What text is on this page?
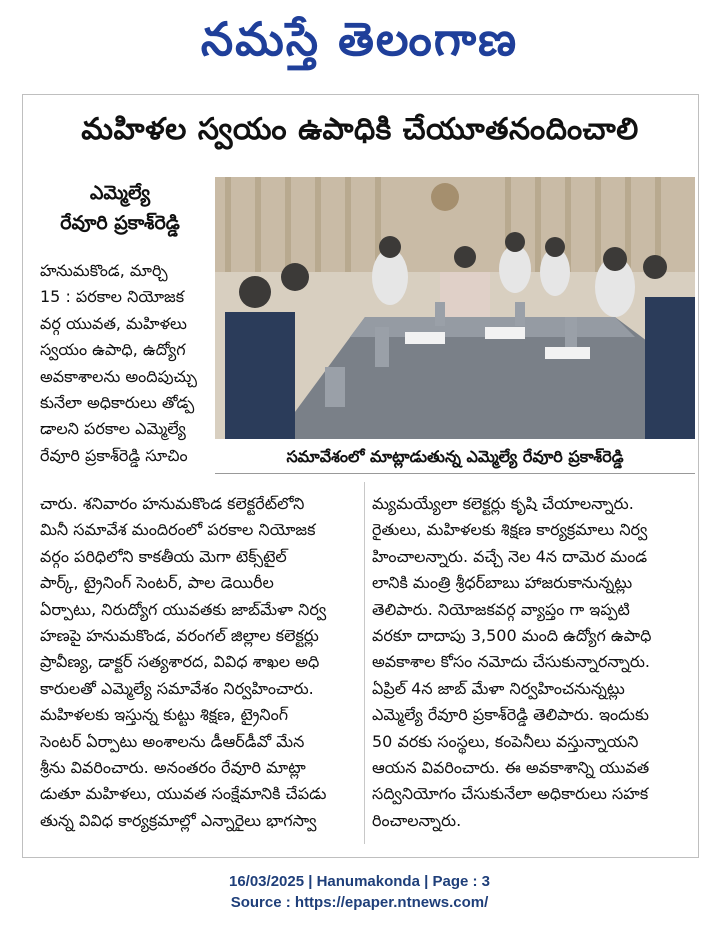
నమస్తే తెలంగాణ
మహిళల స్వయం ఉపాధికి చేయూతనందించాలి
ఎమ్మెల్యే
రేవూరి ప్రకాశ్‌రెడ్డి
సమావేశంలో మాట్లాడుతున్న ఎమ్మెల్యే రేవూరి ప్రకాశ్‌రెడ్డి
హనుమకొండ, మార్చి
15 : పరకాల నియోజక
వర్గ యువత, మహిళలు
స్వయం ఉపాధి, ఉద్యోగ
అవకాశాలను అందిపుచ్చు
కునేలా అధికారులు తోడ్ప
డాలని పరకాల ఎమ్మెల్యే
రేవూరి ప్రకాశ్‌రెడ్డి సూచిం
చారు. శనివారం హనుమకొండ కలెక్టరేట్‌లోని
మినీ సమావేశ మందిరంలో పరకాల నియోజక
వర్గం పరిధిలోని కాకతీయ మెగా టెక్స్‌టైల్
పార్క్, ట్రైనింగ్ సెంటర్, పాల డెయిరీల
ఏర్పాటు, నిరుద్యోగ యువతకు జాబ్‌మేళా నిర్వ
హణపై హనుమకొండ, వరంగల్ జిల్లాల కలెక్టర్లు
ప్రావీణ్య, డాక్టర్ సత్యశారద, వివిధ శాఖల అధి
కారులతో ఎమ్మెల్యే సమావేశం నిర్వహించారు.
మహిళలకు ఇస్తున్న కుట్టు శిక్షణ, ట్రైనింగ్
సెంటర్ ఏర్పాటు అంశాలను డీఆర్‌డీవో మేన
శ్రీను వివరించారు. అనంతరం రేవూరి మాట్లా
డుతూ మహిళలు, యువత సంక్షేమానికి చేపడు
తున్న వివిధ కార్యక్రమాల్లో ఎన్నారైలు భాగస్వా
మ్యమయ్యేలా కలెక్టర్లు కృషి చేయాలన్నారు.
రైతులు, మహిళలకు శిక్షణ కార్యక్రమాలు నిర్వ
హించాలన్నారు. వచ్చే నెల 4న దామెర మండ
లానికి మంత్రి శ్రీధర్‌బాబు హాజరుకానున్నట్లు
తెలిపారు. నియోజకవర్గ వ్యాప్తం గా ఇప్పటి
వరకూ దాదాపు 3,500 మంది ఉద్యోగ ఉపాధి
అవకాశాల కోసం నమోదు చేసుకున్నారన్నారు.
ఏప్రిల్ 4న జాబ్ మేళా నిర్వహించనున్నట్లు
ఎమ్మెల్యే రేవూరి ప్రకాశ్‌రెడ్డి తెలిపారు. ఇందుకు
50 వరకు సంస్థలు, కంపెనీలు వస్తున్నాయని
ఆయన వివరించారు. ఈ అవకాశాన్ని యువత
సద్వినియోగం చేసుకునేలా అధికారులు సహక
రించాలన్నారు.
16/03/2025 | Hanumakonda | Page : 3
Source : https://epaper.ntnews.com/
